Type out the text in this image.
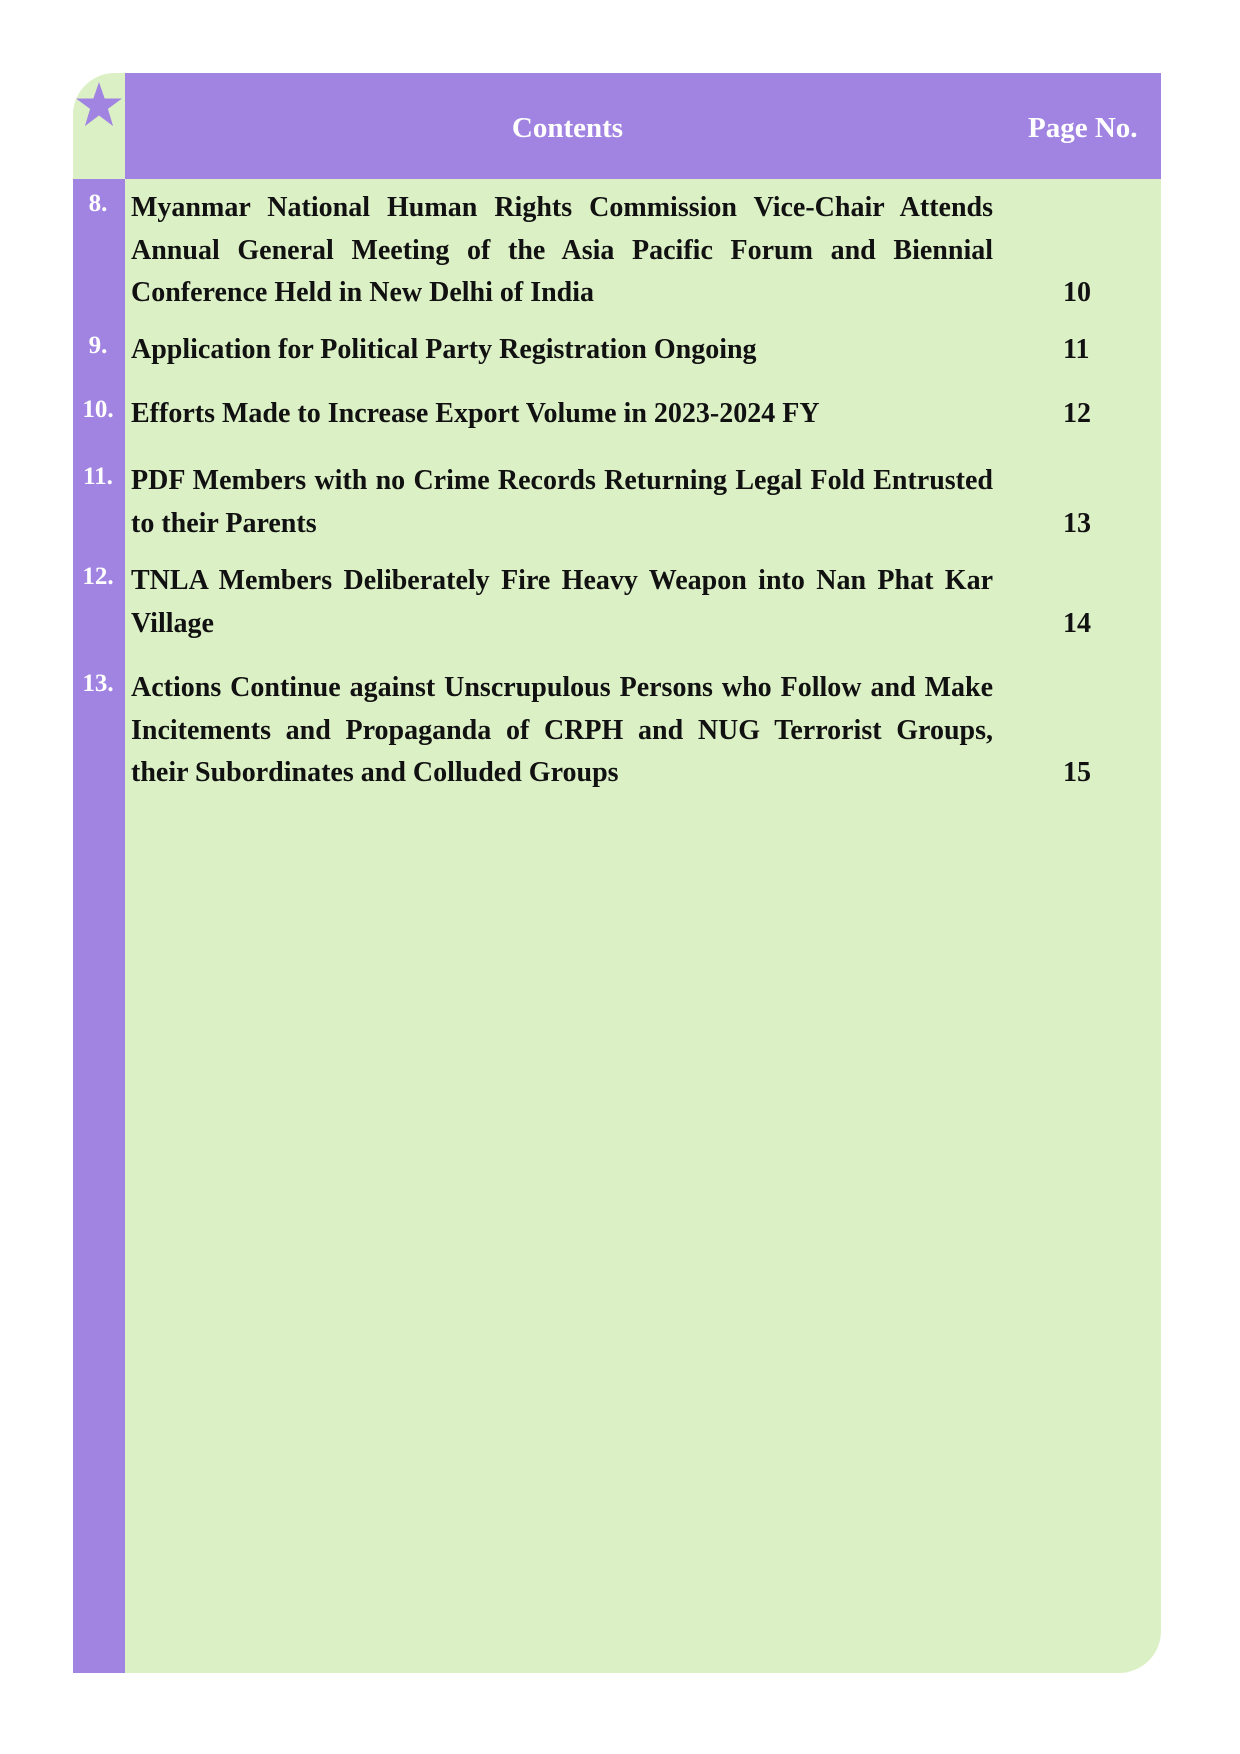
Contents	Page No.
8. Myanmar National Human Rights Commission Vice-Chair Attends Annual General Meeting of the Asia Pacific Forum and Biennial Conference Held in New Delhi of India	10
9. Application for Political Party Registration Ongoing	11
10. Efforts Made to Increase Export Volume in 2023-2024 FY	12
11. PDF Members with no Crime Records Returning Legal Fold Entrusted to their Parents	13
12. TNLA Members Deliberately Fire Heavy Weapon into Nan Phat Kar Village	14
13. Actions Continue against Unscrupulous Persons who Follow and Make Incitements and Propaganda of CRPH and NUG Terrorist Groups, their Subordinates and Colluded Groups	15
